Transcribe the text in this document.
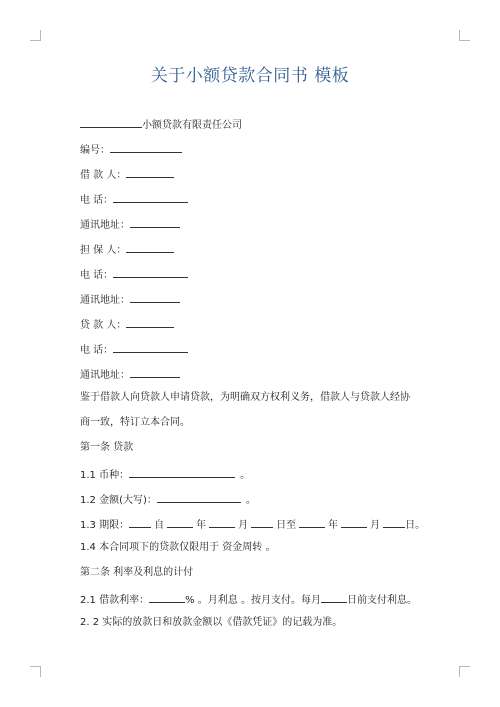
关于小额贷款合同书 模板
小额贷款有限责任公司
编号：
借 款 人：
电 话：
通讯地址：
担 保 人：
电 话：
通讯地址：
贷 款 人：
电 话：
通讯地址：
鉴于借款人向贷款人申请贷款，为明确双方权利义务，借款人与贷款人经协
商一致，特订立本合同。
第一条 贷款
1.1 币种：	。
1.2 金额(大写)：	。
1.3 期限：	自	年	月	日至	年	月	日。
1.4 本合同项下的贷款仅限用于 资金周转 。
第二条 利率及利息的计付
2.1 借款利率：	% 。月利息 。按月支付。每月	日前支付利息。
2. 2 实际的放款日和放款金额以《借款凭证》的记载为准。
